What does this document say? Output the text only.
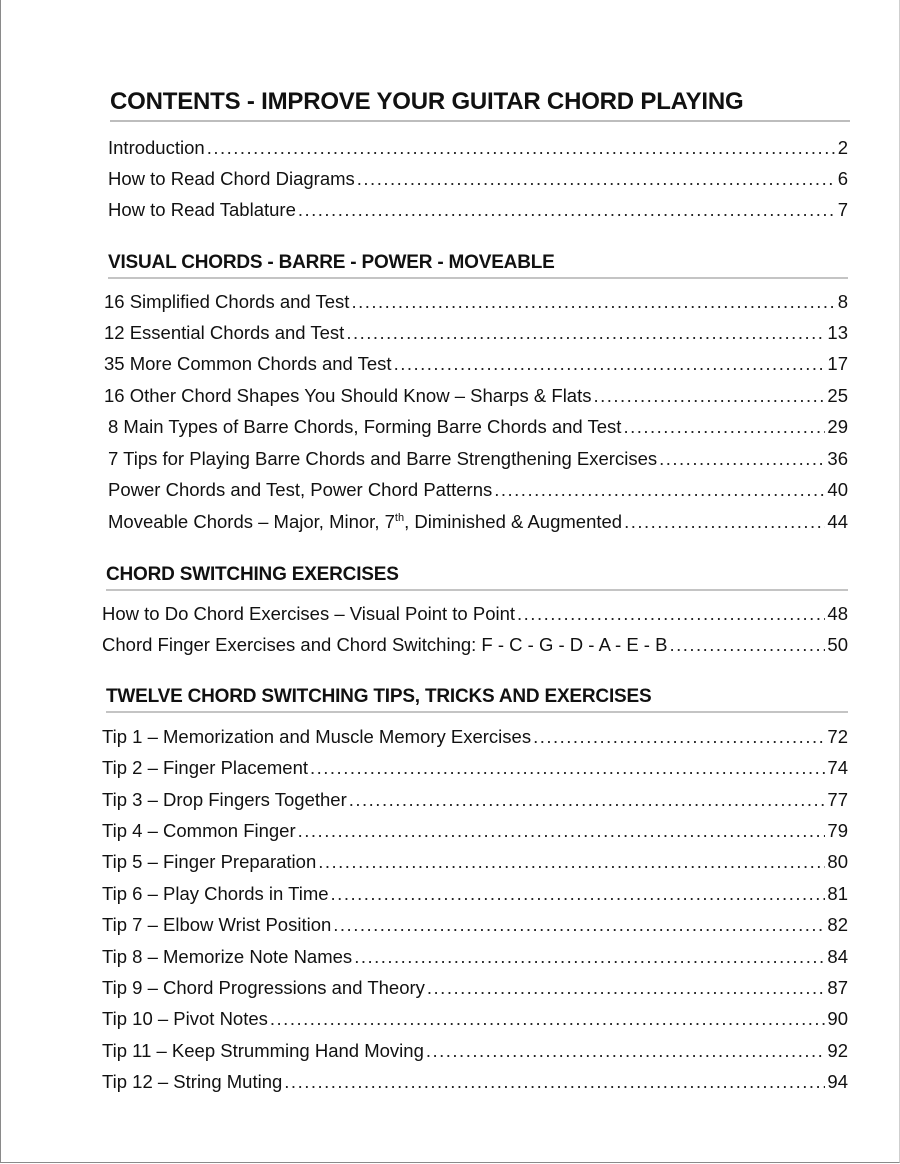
CONTENTS - IMPROVE YOUR GUITAR CHORD PLAYING
Introduction .....	2
How to Read Chord Diagrams .....	6
How to Read Tablature .....	7
VISUAL CHORDS - BARRE - POWER - MOVEABLE
16 Simplified Chords and Test .....	8
12 Essential Chords and Test .....	13
35 More Common Chords and Test .....	17
16 Other Chord Shapes You Should Know – Sharps & Flats .....	25
8 Main Types of Barre Chords, Forming Barre Chords and Test .....	29
7 Tips for Playing Barre Chords and Barre Strengthening Exercises .....	36
Power Chords and Test, Power Chord Patterns .....	40
Moveable Chords – Major, Minor, 7th, Diminished & Augmented .....	44
CHORD SWITCHING EXERCISES
How to Do Chord Exercises – Visual Point to Point .....	48
Chord Finger Exercises and Chord Switching: F - C - G - D - A - E - B .....	50
TWELVE CHORD SWITCHING TIPS, TRICKS AND EXERCISES
Tip 1 – Memorization and Muscle Memory Exercises .....	72
Tip 2 – Finger Placement .....	74
Tip 3 – Drop Fingers Together .....	77
Tip 4 – Common Finger .....	79
Tip 5 – Finger Preparation .....	80
Tip 6 – Play Chords in Time .....	81
Tip 7 – Elbow Wrist Position .....	82
Tip 8 – Memorize Note Names .....	84
Tip 9 – Chord Progressions and Theory .....	87
Tip 10 – Pivot Notes .....	90
Tip 11 – Keep Strumming Hand Moving .....	92
Tip 12 – String Muting .....	94
